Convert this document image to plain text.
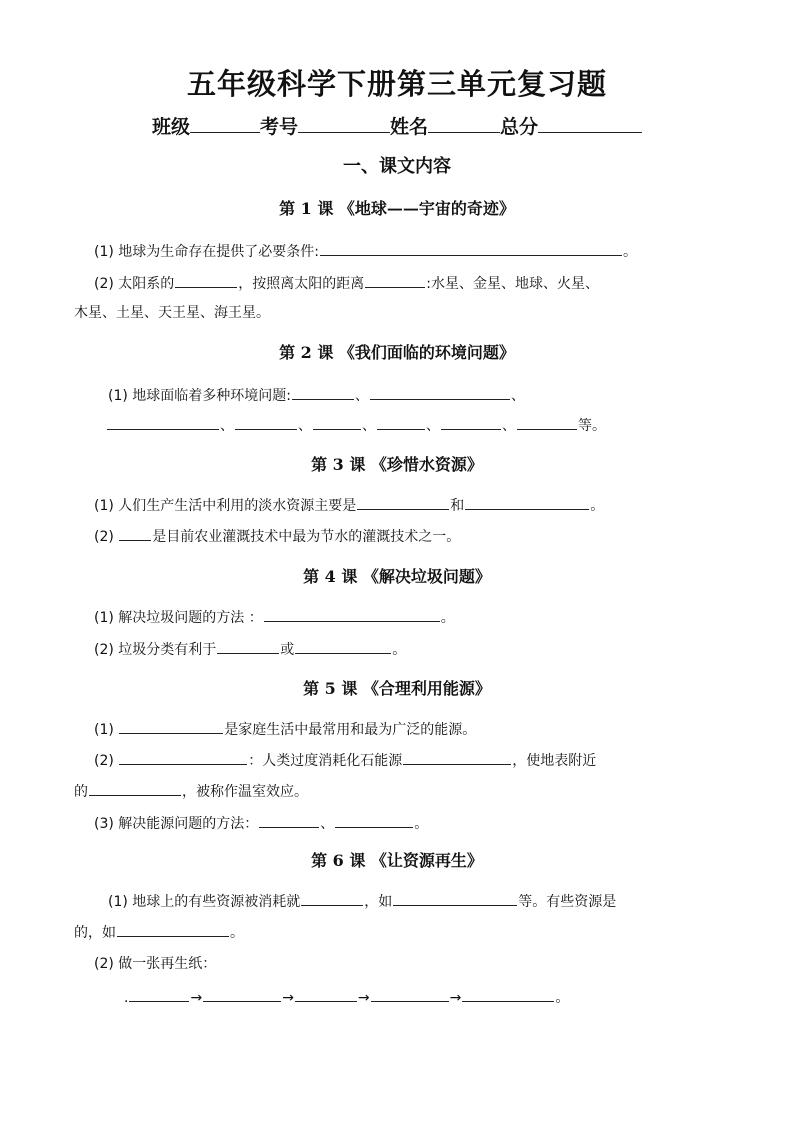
五年级科学下册第三单元复习题
班级	考号	姓名	总分
一、课文内容
第 1 课 《地球——宇宙的奇迹》
(1) 地球为生命存在提供了必要条件:	。
(2) 太阳系的	，按照离太阳的距离	:水星、金星、地球、火星、
木星、土星、天王星、海王星。
第 2 课 《我们面临的环境问题》
(1) 地球面临着多种环境问题:	、	、
、	、	、	、	、	等。
第 3 课 《珍惜水资源》
(1) 人们生产生活中利用的淡水资源主要是	和	。
(2)	是目前农业灌溉技术中最为节水的灌溉技术之一。
第 4 课 《解决垃圾问题》
(1) 解决垃圾问题的方法 ：	。
(2) 垃圾分类有利于	或	。
第 5 课 《合理利用能源》
(1)	是家庭生活中最常用和最为广泛的能源。
(2)	：人类过度消耗化石能源	，使地表附近
的	，被称作温室效应。
(3) 解决能源问题的方法：	、	。
第 6 课 《让资源再生》
(1) 地球上的有些资源被消耗就	，如	等。有些资源是
的，如	。
(2) 做一张再生纸：
.	→	→	→	→	。
